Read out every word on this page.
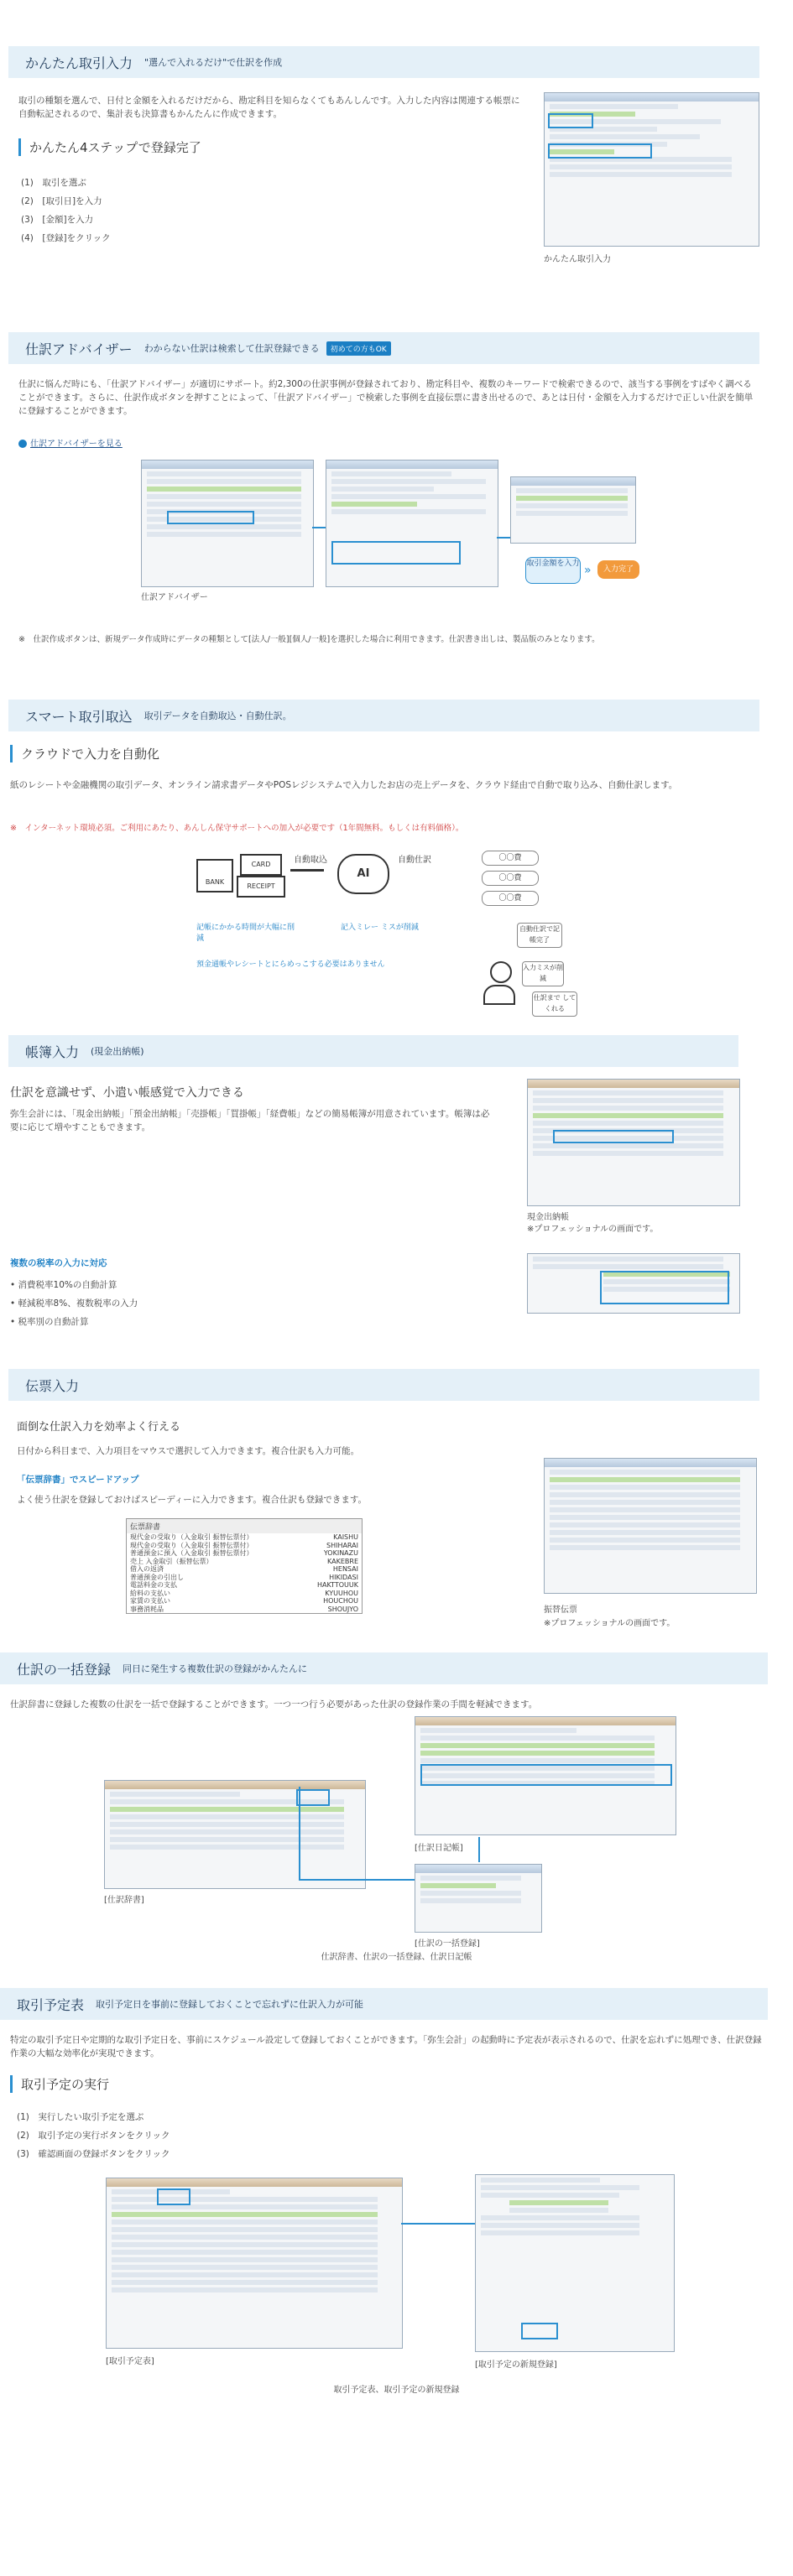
かんたん取引入力 "選んで入れるだけ"で仕訳を作成
取引の種類を選んで、日付と金額を入れるだけだから、勘定科目を知らなくてもあんしんです。入力した内容は関連する帳票に自動転記されるので、集計表も決算書もかんたんに作成できます。
かんたん4ステップで登録完了
(1)　取引を選ぶ
(2)　[取引日]を入力
(3)　[金額]を入力
(4)　[登録]をクリック
かんたん取引入力
仕訳アドバイザー わからない仕訳は検索して仕訳登録できる	初めての方もOK
仕訳に悩んだ時にも、「仕訳アドバイザー」が適切にサポート。約2,300の仕訳事例が登録されており、勘定科目や、複数のキーワードで検索できるので、該当する事例をすばやく調べることができます。さらに、仕訳作成ボタンを押すことによって、「仕訳アドバイザー」で検索した事例を直接伝票に書き出せるので、あとは日付・金額を入力するだけで正しい仕訳を簡単に登録することができます。
仕訳アドバイザーを見る
取引金額を入力 »	入力完了
仕訳アドバイザー
※　仕訳作成ボタンは、新規データ作成時にデータの種類として[法人/一般][個人/一般]を選択した場合に利用できます。仕訳書き出しは、製品版のみとなります。
スマート取引取込 取引データを自動取込・自動仕訳。
クラウドで入力を自動化
紙のレシートや金融機関の取引データ、オンライン請求書データやPOSレジシステムで入力したお店の売上データを、クラウド経由で自動で取り込み、自動仕訳します。
※　インターネット環境必須。ご利用にあたり、あんしん保守サポートへの加入が必要です（1年間無料。もしくは有料価格）。
BANK
CARD
RECEIPT
自動取込
AI
自動仕訳	〇〇費
〇〇費
〇〇費
記帳にかかる時間が大幅に削減
記入ミレー ミスが削減
預金通帳やレシートとにらめっこする必要はありません
自動仕訳で記帳完了
入力ミスが削減
仕訳まで してくれる
帳簿入力 (現金出納帳)
仕訳を意識せず、小遣い帳感覚で入力できる
弥生会計には、「現金出納帳」「預金出納帳」「売掛帳」「買掛帳」「経費帳」などの簡易帳簿が用意されています。帳簿は必要に応じて増やすこともできます。
現金出納帳
※プロフェッショナルの画面です。
複数の税率の入力に対応
• 消費税率10%の自動計算
• 軽減税率8%、複数税率の入力
• 税率別の自動計算
伝票入力
面倒な仕訳入力を効率よく行える
日付から科目まで、入力項目をマウスで選択して入力できます。複合仕訳も入力可能。
「伝票辞書」でスピードアップ
よく使う仕訳を登録しておけばスピーディーに入力できます。複合仕訳も登録できます。
伝票辞書
現代金の受取り（入金取引 振替伝票付）	KAISHU
現代金の受取り（入金取引 振替伝票付）	SHIHARAI
普通預金に預入（入金取引 振替伝票付）	YOKINAZU
売上 入金取引（振替伝票）	KAKEBRE
借入の返済	HENSAI
普通預金の引出し	HIKIDASI
電話料金の支払	HAKTTOUUK
給料の支払い	KYUUHOU
家賃の支払い	HOUCHOU
事務消耗品	SHOUJYO	振替伝票
※プロフェッショナルの画面です。
仕訳の一括登録 同日に発生する複数仕訳の登録がかんたんに
仕訳辞書に登録した複数の仕訳を一括で登録することができます。一つ一つ行う必要があった仕訳の登録作業の手間を軽減できます。
[仕訳辞書]
[仕訳日記帳]
[仕訳の一括登録]
仕訳辞書、仕訳の一括登録、仕訳日記帳
取引予定表 取引予定日を事前に登録しておくことで忘れずに仕訳入力が可能
特定の取引予定日や定期的な取引予定日を、事前にスケジュール設定して登録しておくことができます。「弥生会計」の起動時に予定表が表示されるので、仕訳を忘れずに処理でき、仕訳登録作業の大幅な効率化が実現できます。
取引予定の実行
(1)　実行したい取引予定を選ぶ
(2)　取引予定の実行ボタンをクリック
(3)　確認画面の登録ボタンをクリック
[取引予定表]	[取引予定の新規登録]
取引予定表、取引予定の新規登録
